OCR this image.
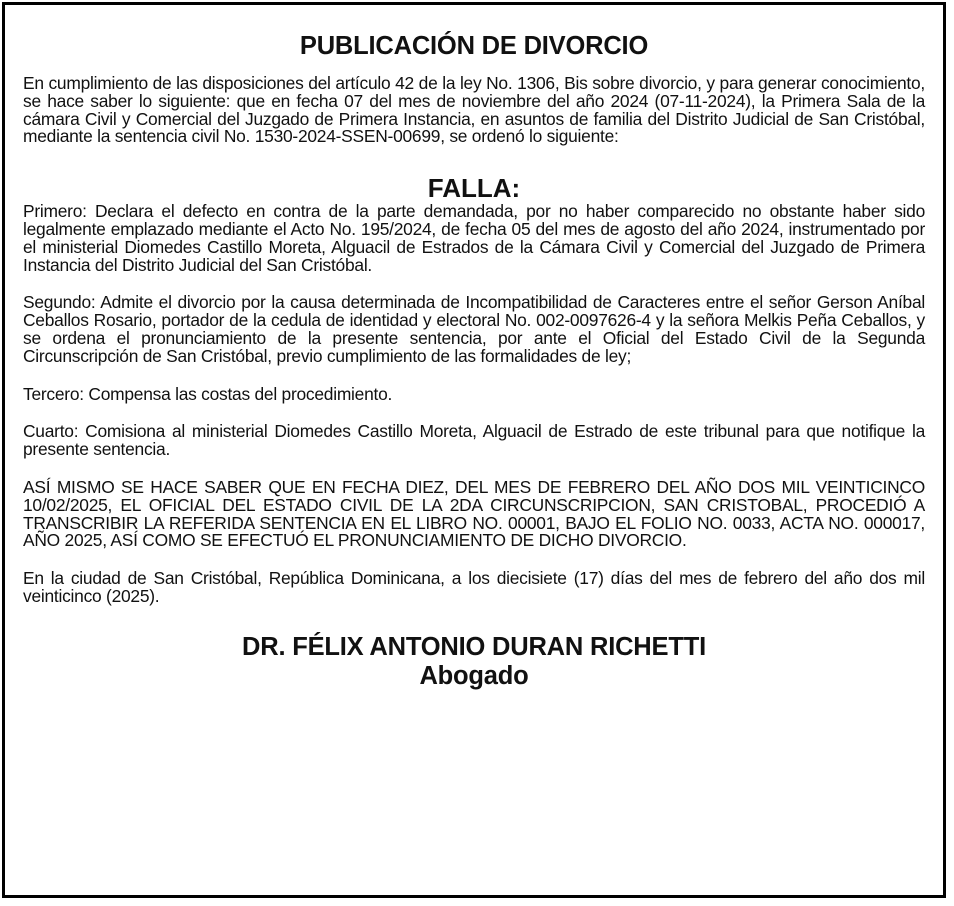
PUBLICACIÓN DE DIVORCIO

En cumplimiento de las disposiciones del artículo 42 de la ley No. 1306, Bis sobre divorcio, y para generar conocimiento, se hace saber lo siguiente: que en fecha 07 del mes de noviembre del año 2024 (07-11-2024), la Primera Sala de la cámara Civil y Comercial del Juzgado de Primera Instancia, en asuntos de familia del Distrito Judicial de San Cristóbal, mediante la sentencia civil No. 1530-2024-SSEN-00699, se ordenó lo siguiente:

FALLA:

Primero: Declara el defecto en contra de la parte demandada, por no haber comparecido no obstante haber sido legalmente emplazado mediante el Acto No. 195/2024, de fecha 05 del mes de agosto del año 2024, instrumentado por el ministerial Diomedes Castillo Moreta, Alguacil de Estrados de la Cámara Civil y Comercial del Juzgado de Primera Instancia del Distrito Judicial del San Cristóbal.

Segundo: Admite el divorcio por la causa determinada de Incompatibilidad de Caracteres entre el señor Gerson Aníbal Ceballos Rosario, portador de la cedula de identidad y electoral No. 002-0097626-4 y la señora Melkis Peña Ceballos, y se ordena el pronunciamiento de la presente sentencia, por ante el Oficial del Estado Civil de la Segunda Circunscripción de San Cristóbal, previo cumplimiento de las formalidades de ley;

Tercero: Compensa las costas del procedimiento.

Cuarto: Comisiona al ministerial Diomedes Castillo Moreta, Alguacil de Estrado de este tribunal para que notifique la presente sentencia.

ASÍ MISMO SE HACE SABER QUE EN FECHA DIEZ, DEL MES DE FEBRERO DEL AÑO DOS MIL VEINTICINCO 10/02/2025, EL OFICIAL DEL ESTADO CIVIL DE LA 2DA CIRCUNSCRIPCION, SAN CRISTOBAL, PROCEDIÓ A TRANSCRIBIR LA REFERIDA SENTENCIA EN EL LIBRO NO. 00001, BAJO EL FOLIO NO. 0033, ACTA NO. 000017, AÑO 2025, ASÍ COMO SE EFECTUÓ EL PRONUNCIAMIENTO DE DICHO DIVORCIO.

En la ciudad de San Cristóbal, República Dominicana, a los diecisiete (17) días del mes de febrero del año dos mil veinticinco (2025).

DR. FÉLIX ANTONIO DURAN RICHETTI
Abogado
